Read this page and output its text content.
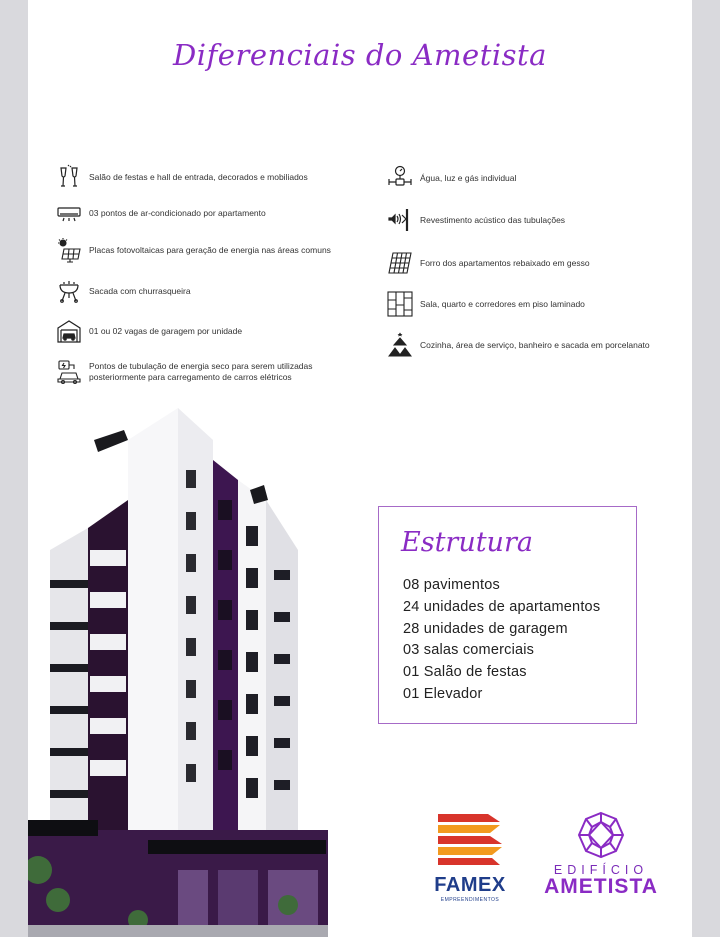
Diferenciais do Ametista
Salão de festas e hall de entrada, decorados e mobiliados
03 pontos de ar-condicionado por apartamento
Placas fotovoltaicas para geração de energia nas áreas comuns
Sacada com churrasqueira
01 ou 02 vagas de garagem por unidade
Pontos de tubulação de energia seco para serem utilizadas posteriormente para carregamento de carros elétricos
Água, luz e gás individual
Revestimento acústico das tubulações
Forro dos apartamentos rebaixado em gesso
Sala, quarto e corredores em piso laminado
Cozinha, área de serviço, banheiro e sacada em porcelanato
Estrutura
08 pavimentos
24 unidades de apartamentos
28 unidades de garagem
03 salas comerciais
01 Salão de festas
01 Elevador
FAMEX
EMPREENDIMENTOS
EDIFÍCIO
AMETISTA
